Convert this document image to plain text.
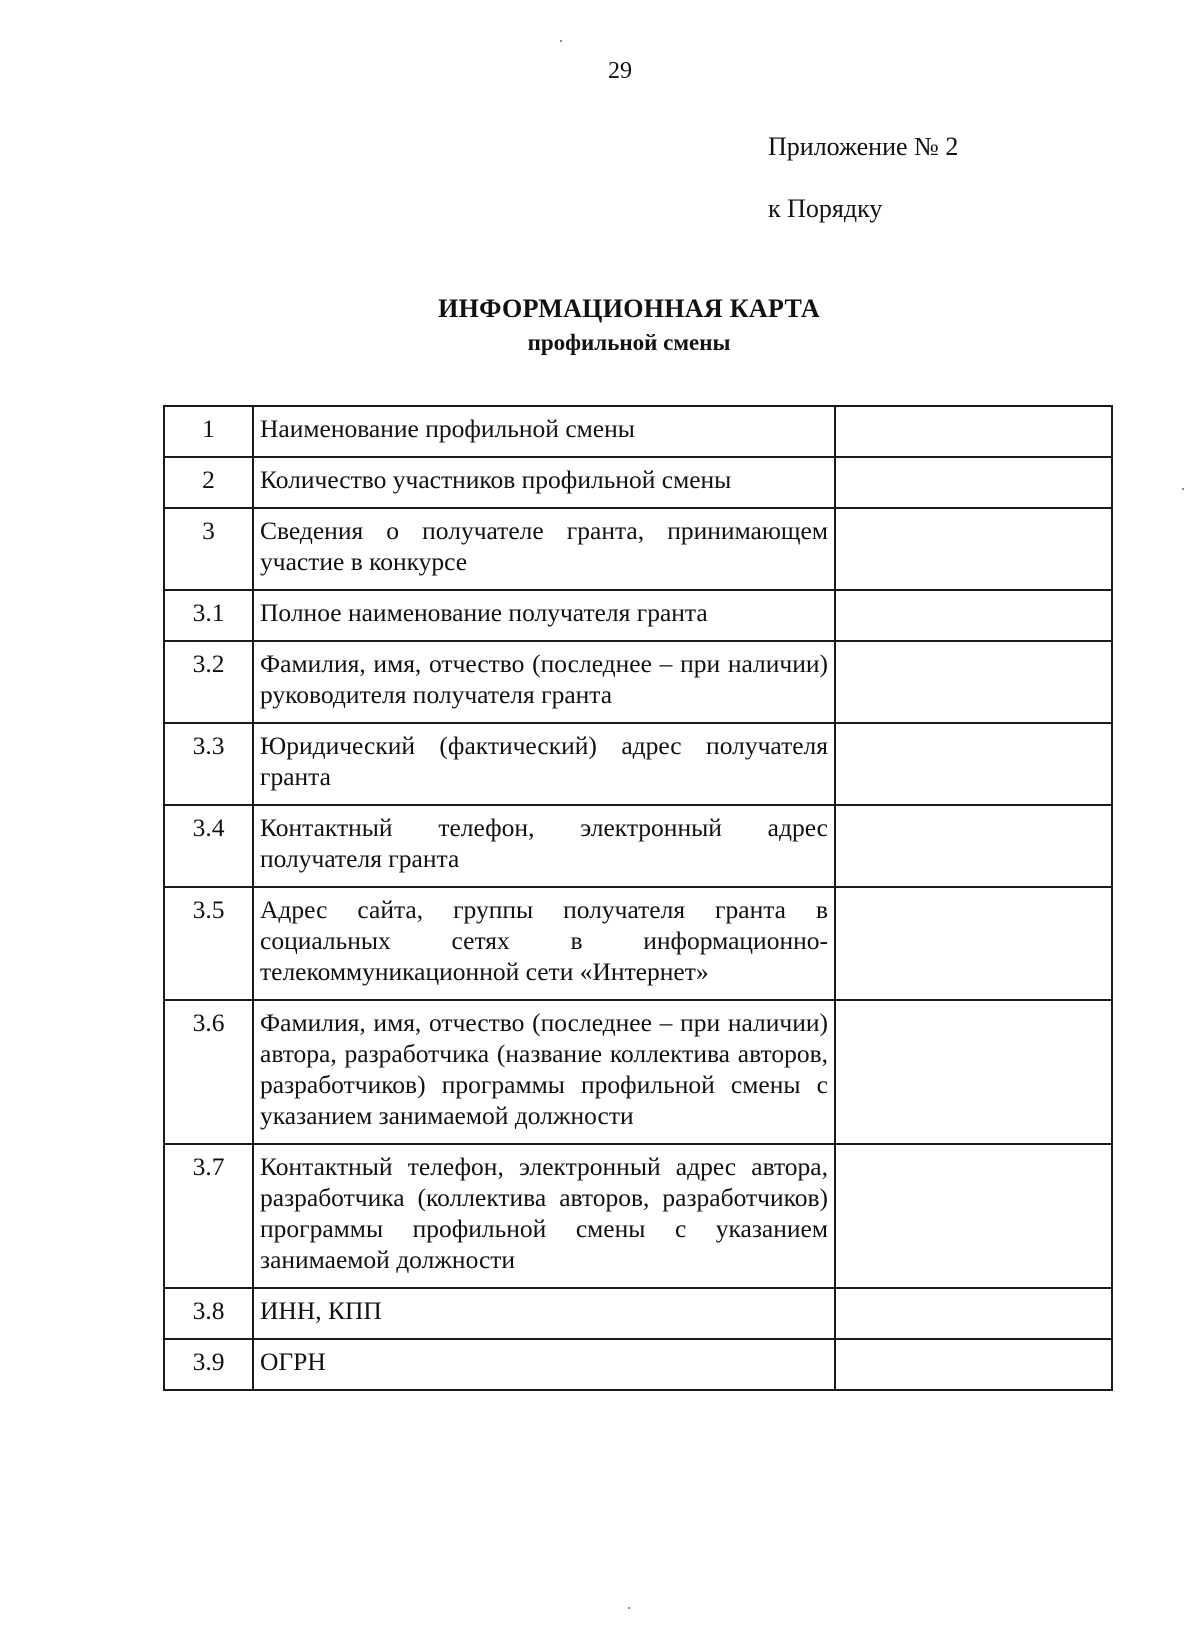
29
Приложение № 2
к Порядку
ИНФОРМАЦИОННАЯ КАРТА
профильной смены
1	Наименование профильной смены	
2	Количество участников профильной смены	
3	Сведения о получателе гранта, принимающем участие в конкурсе	
3.1	Полное наименование получателя гранта	
3.2	Фамилия, имя, отчество (последнее – при наличии) руководителя получателя гранта	
3.3	Юридический (фактический) адрес получателя гранта	
3.4	Контактный телефон, электронный адрес получателя гранта	
3.5	Адрес сайта, группы получателя гранта в социальных сетях в информационно-телекоммуникационной сети «Интернет»	
3.6	Фамилия, имя, отчество (последнее – при наличии) автора, разработчика (название коллектива авторов, разработчиков) программы профильной смены с указанием занимаемой должности	
3.7	Контактный телефон, электронный адрес автора, разработчика (коллектива авторов, разработчиков) программы профильной смены с указанием занимаемой должности	
3.8	ИНН, КПП	
3.9	ОГРН	
